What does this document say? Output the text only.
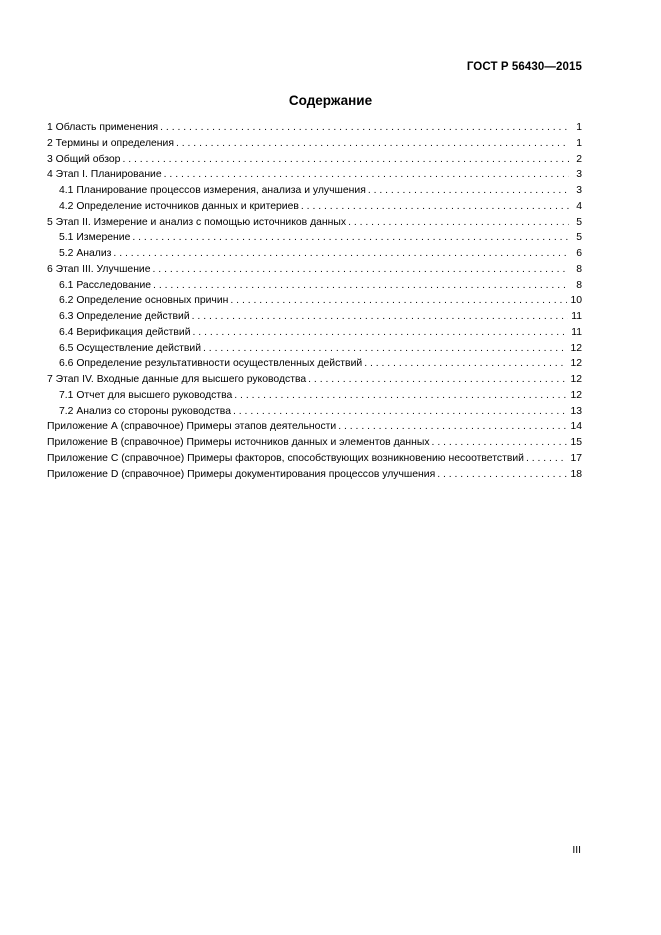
ГОСТ Р 56430—2015
Содержание
1 Область применения . . .	1
2 Термины и определения . . .	1
3 Общий обзор . . .	2
4 Этап I. Планирование . . .	3
4.1 Планирование процессов измерения, анализа и улучшения . . .	3
4.2 Определение источников данных и критериев . . .	4
5 Этап II. Измерение и анализ с помощью источников данных . . .	5
5.1 Измерение . . .	5
5.2 Анализ . . .	6
6 Этап III. Улучшение . . .	8
6.1 Расследование . . .	8
6.2 Определение основных причин . . .	10
6.3 Определение действий . . .	11
6.4 Верификация действий . . .	11
6.5 Осуществление действий . . .	12
6.6 Определение результативности осуществленных действий . . .	12
7 Этап IV. Входные данные для высшего руководства . . .	12
7.1 Отчет для высшего руководства . . .	12
7.2 Анализ со стороны руководства . . .	13
Приложение А (справочное) Примеры этапов деятельности . . .	14
Приложение В (справочное) Примеры источников данных и элементов данных . . .	15
Приложение С (справочное) Примеры факторов, способствующих возникновению несоответствий . . .	17
Приложение D (справочное) Примеры документирования процессов улучшения . . .	18
III
